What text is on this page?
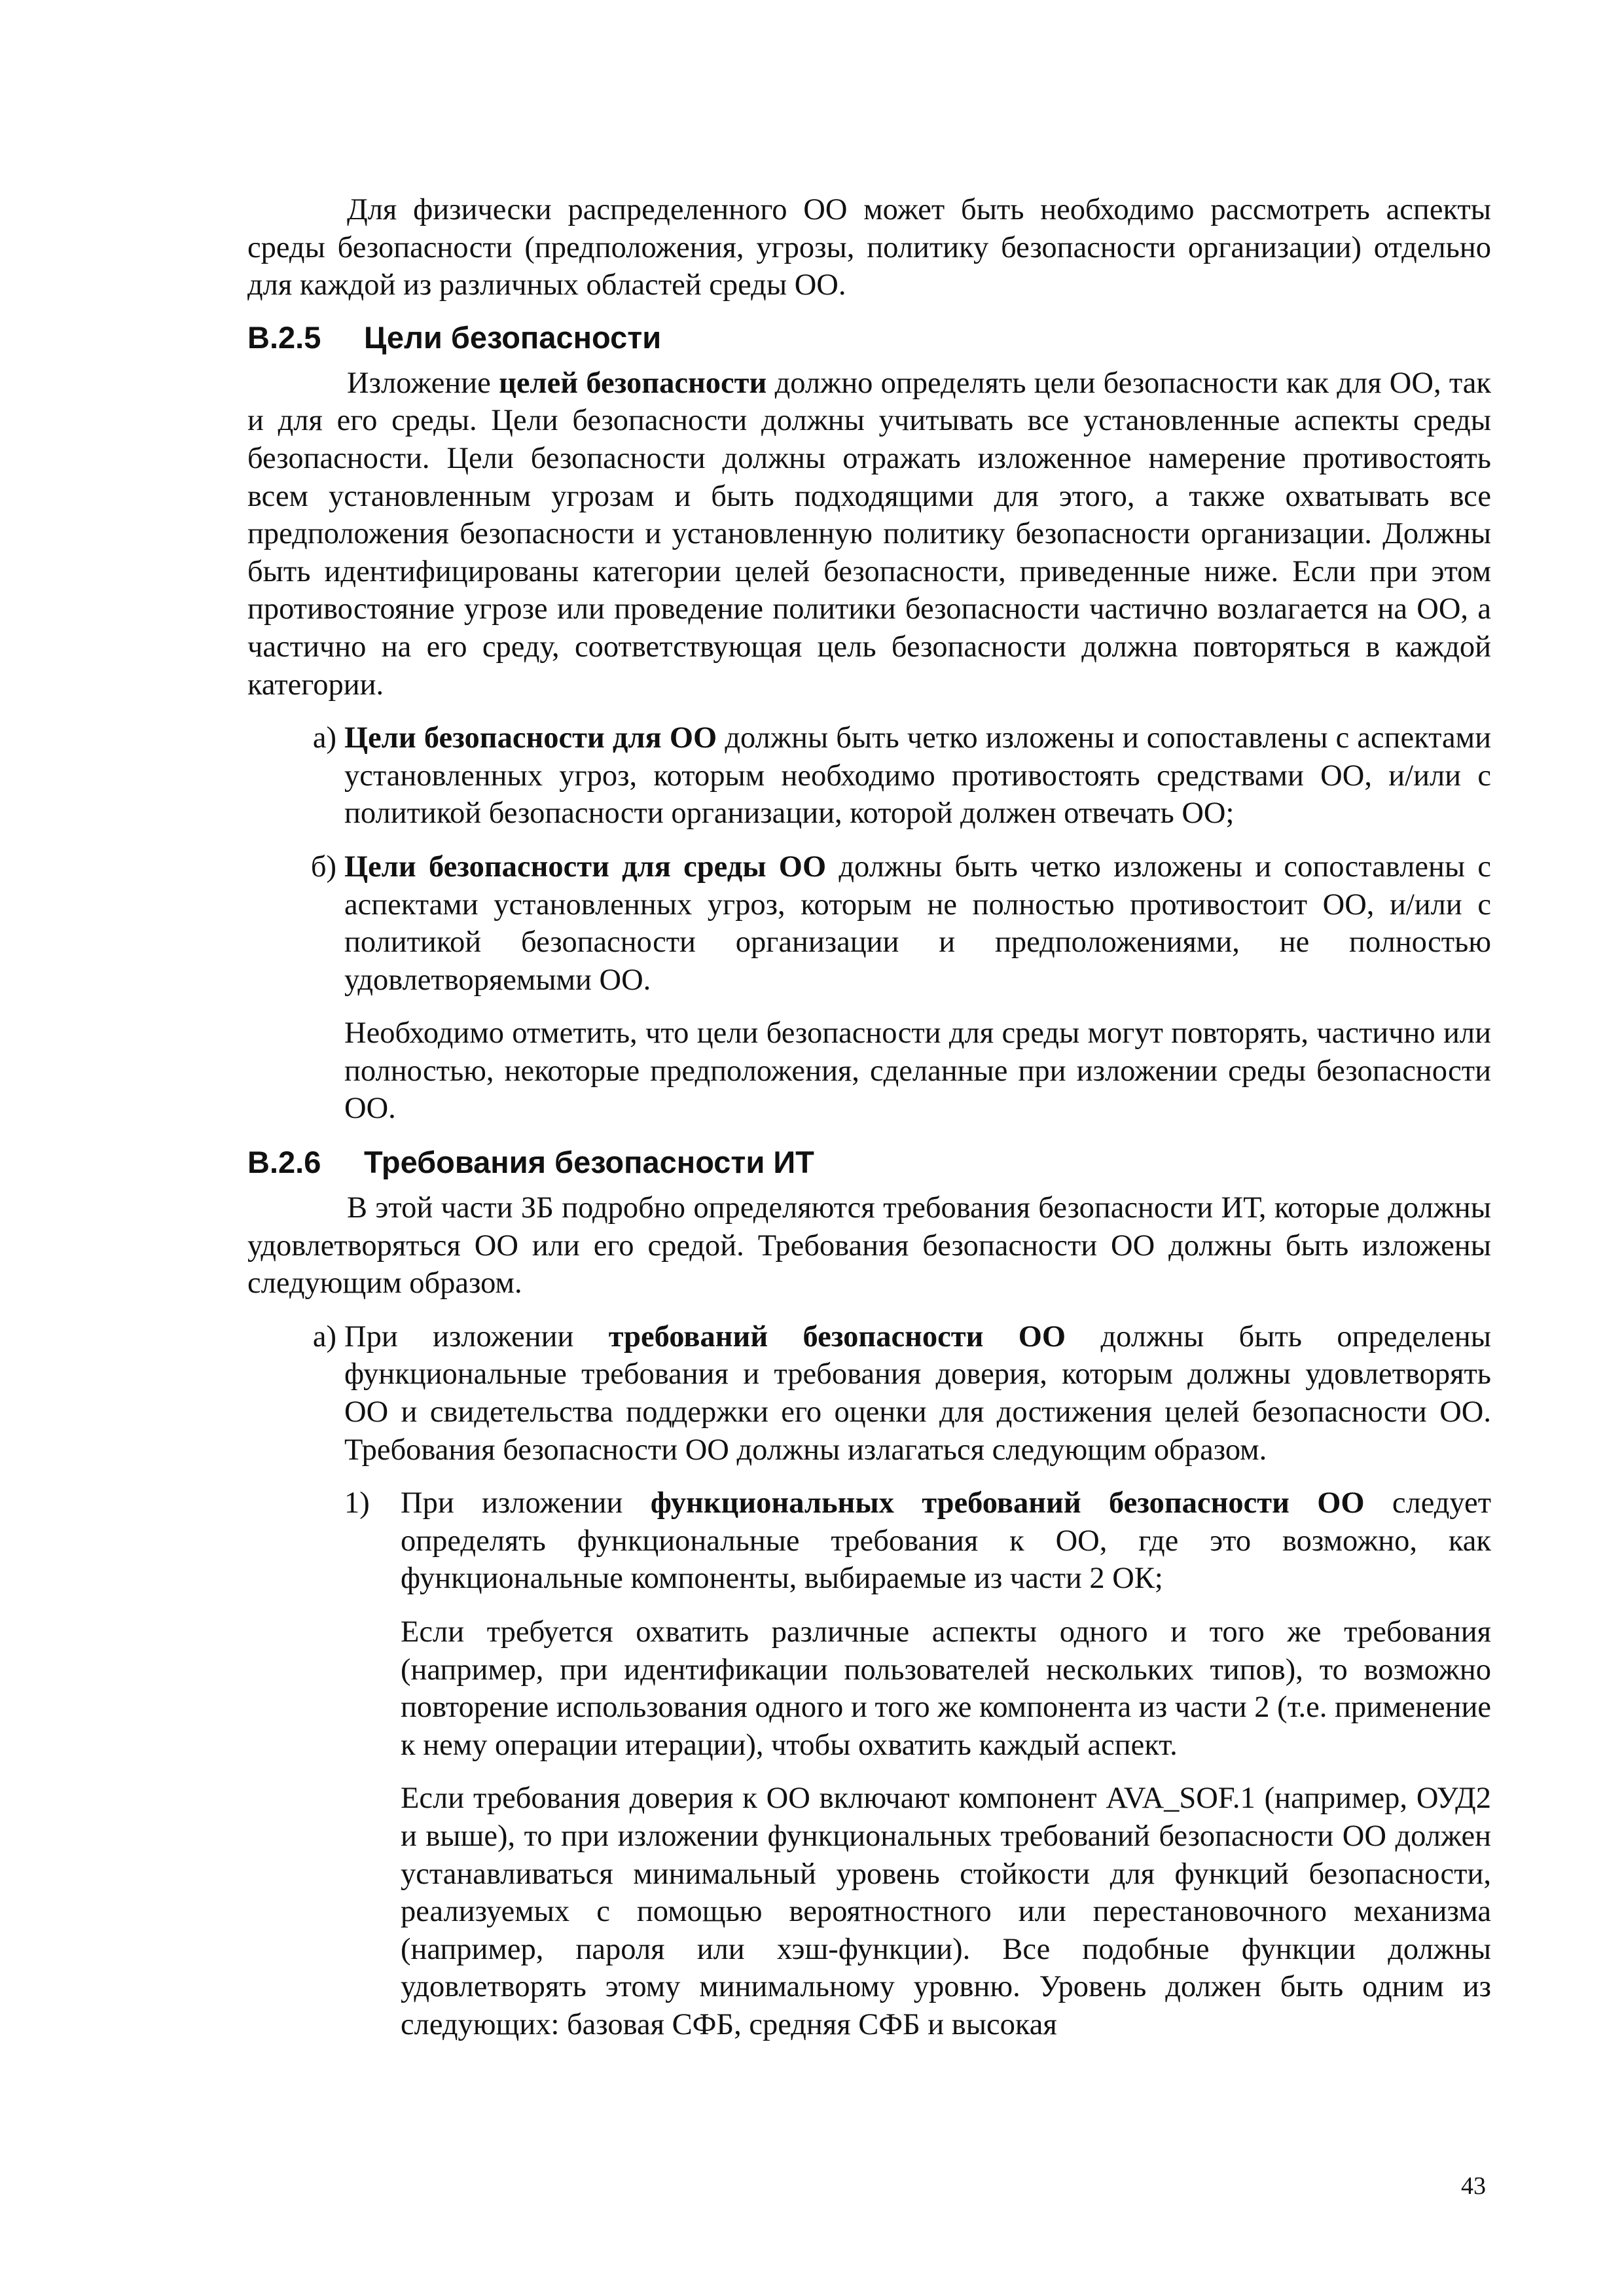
Для физически распределенного ОО может быть необходимо рассмотреть аспекты среды безопасности (предположения, угрозы, политику безопасности организации) отдельно для каждой из различных областей среды ОО.

B.2.5	Цели безопасности

Изложение целей безопасности должно определять цели безопасности как для ОО, так и для его среды. Цели безопасности должны учитывать все установленные аспекты среды безопасности. Цели безопасности должны отражать изложенное намерение противостоять всем установленным угрозам и быть подходящими для этого, а также охватывать все предположения безопасности и установленную политику безопасности организации. Должны быть идентифицированы категории целей безопасности, приведенные ниже. Если при этом противостояние угрозе или проведение политики безопасности частично возлагается на ОО, а частично на его среду, соответствующая цель безопасности должна повторяться в каждой категории.

а) Цели безопасности для ОО должны быть четко изложены и сопоставлены с аспектами установленных угроз, которым необходимо противостоять средствами ОО, и/или с политикой безопасности организации, которой должен отвечать ОО;

б) Цели безопасности для среды ОО должны быть четко изложены и сопоставлены с аспектами установленных угроз, которым не полностью противостоит ОО, и/или с политикой безопасности организации и предположениями, не полностью удовлетворяемыми ОО.

Необходимо отметить, что цели безопасности для среды могут повторять, частично или полностью, некоторые предположения, сделанные при изложении среды безопасности ОО.

B.2.6	Требования безопасности ИТ

В этой части ЗБ подробно определяются требования безопасности ИТ, которые должны удовлетворяться ОО или его средой. Требования безопасности ОО должны быть изложены следующим образом.

а) При изложении требований безопасности ОО должны быть определены функциональные требования и требования доверия, которым должны удовлетворять ОО и свидетельства поддержки его оценки для достижения целей безопасности ОО. Требования безопасности ОО должны излагаться следующим образом.

1)	При изложении функциональных требований безопасности ОО следует определять функциональные требования к ОО, где это возможно, как функциональные компоненты, выбираемые из части 2 ОК;

Если требуется охватить различные аспекты одного и того же требования (например, при идентификации пользователей нескольких типов), то возможно повторение использования одного и того же компонента из части 2 (т.е. применение к нему операции итерации), чтобы охватить каждый аспект.

Если требования доверия к ОО включают компонент AVA_SOF.1 (например, ОУД2 и выше), то при изложении функциональных требований безопасности ОО должен устанавливаться минимальный уровень стойкости для функций безопасности, реализуемых с помощью вероятностного или перестановочного механизма (например, пароля или хэш-функции). Все подобные функции должны удовлетворять этому минимальному уровню. Уровень должен быть одним из следующих: базовая СФБ, средняя СФБ и высокая

43
